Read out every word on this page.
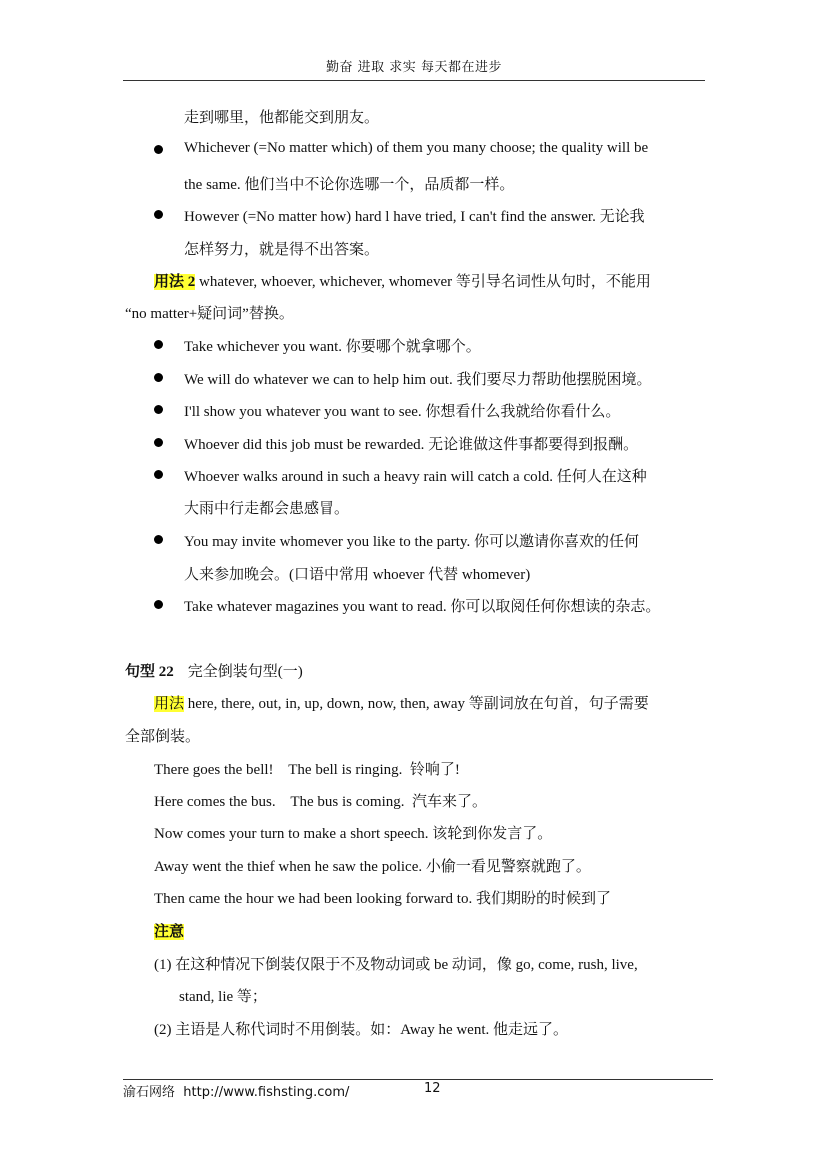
勤奋 进取 求实 每天都在进步
走到哪里，他都能交到朋友。
Whichever (=No matter which) of them you many choose; the quality will be
the same. 他们当中不论你选哪一个，品质都一样。
However (=No matter how) hard l have tried, I can't find the answer. 无论我
怎样努力，就是得不出答案。
用法 2 whatever, whoever, whichever, whomever 等引导名词性从句时，不能用
“no matter+疑问词”替换。
Take whichever you want. 你要哪个就拿哪个。
We will do whatever we can to help him out. 我们要尽力帮助他摆脱困境。
I'll show you whatever you want to see. 你想看什么我就给你看什么。
Whoever did this job must be rewarded. 无论谁做这件事都要得到报酬。
Whoever walks around in such a heavy rain will catch a cold. 任何人在这种
大雨中行走都会患感冒。
You may invite whomever you like to the party. 你可以邀请你喜欢的任何
人来参加晚会。(口语中常用 whoever 代替 whomever)
Take whatever magazines you want to read. 你可以取阅任何你想读的杂志。
句型 22 完全倒装句型(一)
用法 here, there, out, in, up, down, now, then, away 等副词放在句首，句子需要
全部倒装。
There goes the bell!    The bell is ringing.  铃响了!
Here comes the bus.    The bus is coming.  汽车来了。
Now comes your turn to make a short speech. 该轮到你发言了。
Away went the thief when he saw the police. 小偷一看见警察就跑了。
Then came the hour we had been looking forward to. 我们期盼的时候到了
注意
(1) 在这种情况下倒装仅限于不及物动词或 be 动词，像 go, come, rush, live,
stand, lie 等；
(2) 主语是人称代词时不用倒装。如：Away he went. 他走远了。
渝石网络  http://www.fishsting.com/	12
